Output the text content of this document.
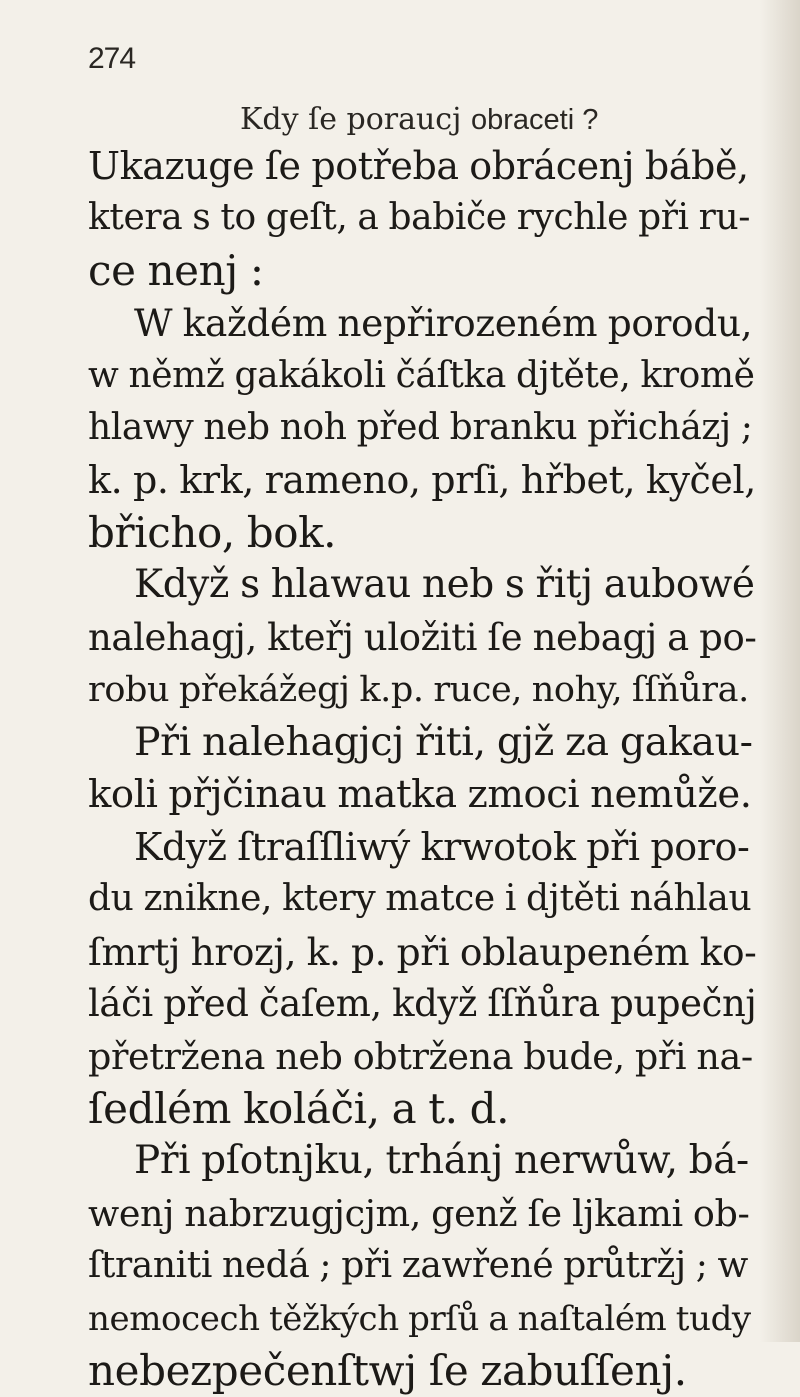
274

Kdy ſe poraucj obraceti ?

Ukazuge ſe potřeba obrácenj bábě,
ktera s to geſt, a babiče rychle při ru-
ce nenj :
W každém nepřirozeném porodu,
w němž gakákoli čáſtka djtěte, kromě
hlawy neb noh před branku přicházj ;
k. p. krk, rameno, prſi, hřbet, kyčel,
břicho, bok.
Když s hlawau neb s řitj aubowé
nalehagj, kteřj uložiti ſe nebagj a po-
robu překážegj k.p. ruce, nohy, ſſňůra.
Při nalehagjcj řiti, gjž za gakau-
koli přjčinau matka zmoci nemůže.
Když ſtraſſliwý krwotok při poro-
du zniknе, ktery matce i djtěti náhlau
ſmrtj hrozj, k. p. při oblaupeném ko-
láči před čaſem, když ſſňůra pupečnj
přetržena neb obtržena bude, při na-
ſedlém koláči, a t. d.
Při pſotnjku, trhánj nerwůw, bá-
wenj nabrzugjcjm, genž ſe ljkami ob-
ſtraniti nedá ; při zawřené průtržj ; w
nemocech těžkých prſů a naſtalém tudy
nebezpečenſtwj ſe zabuſſenj.
